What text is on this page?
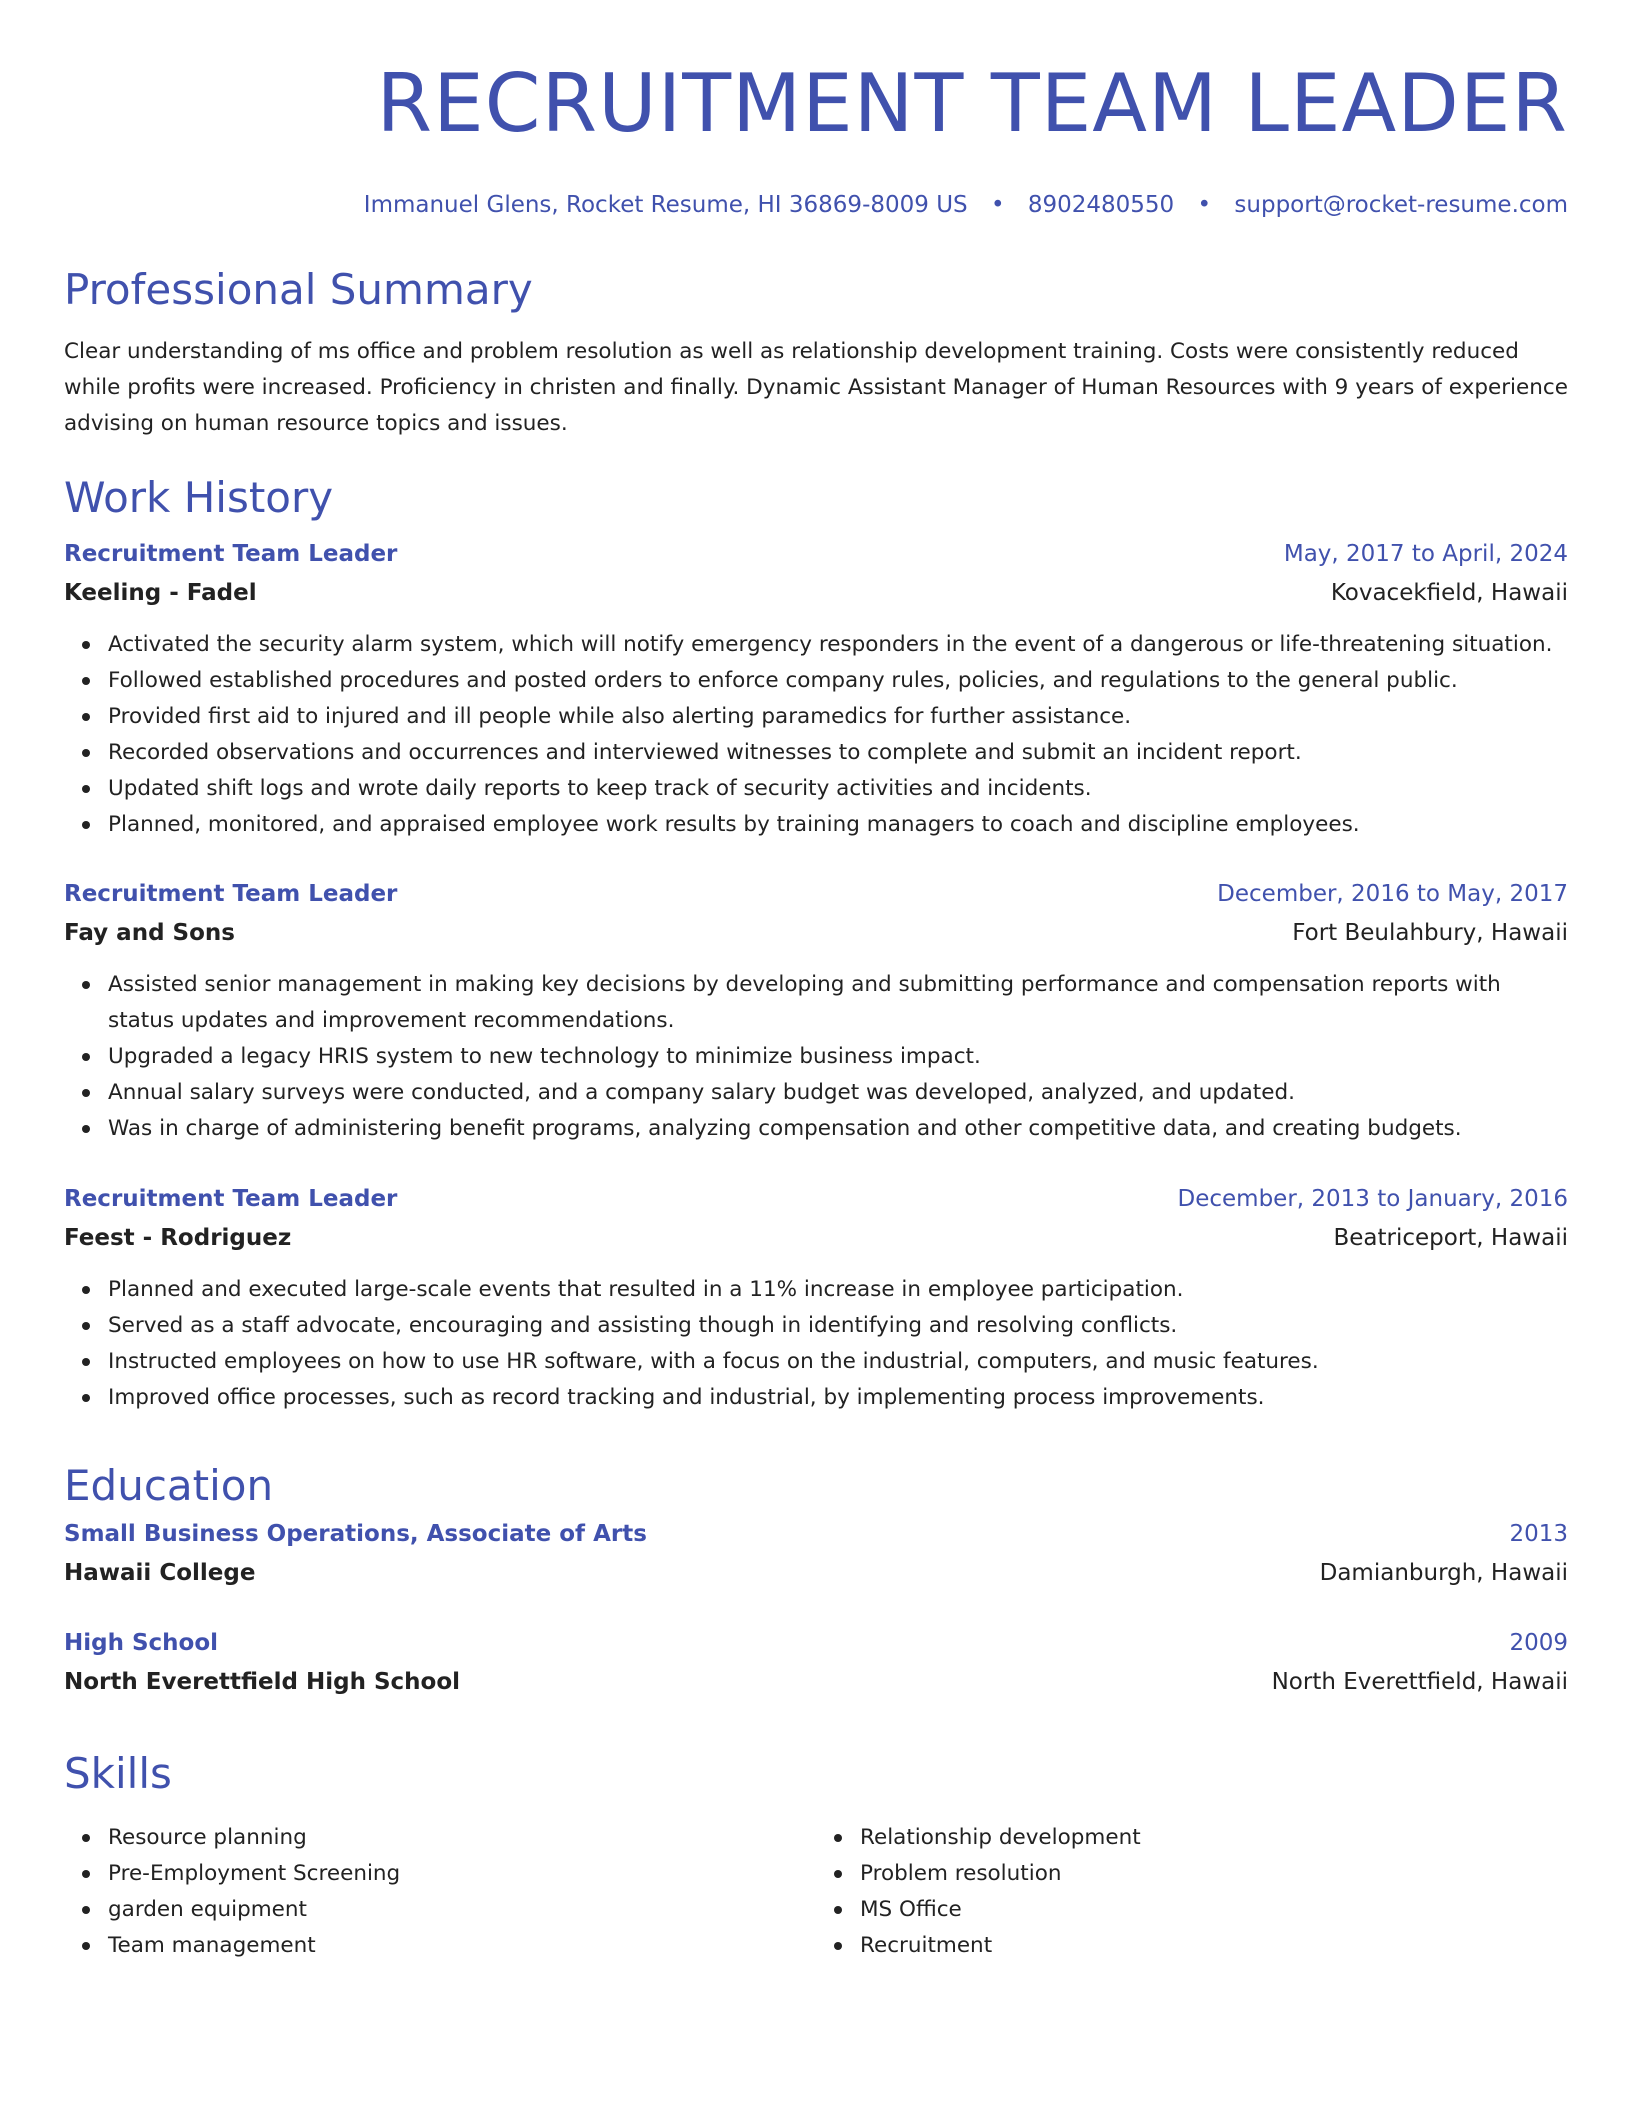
RECRUITMENT TEAM LEADER
Immanuel Glens, Rocket Resume, HI 36869-8009 US • 8902480550 • support@rocket-resume.com
Professional Summary

Clear understanding of ms office and problem resolution as well as relationship development training. Costs were consistently reduced while profits were increased. Proficiency in christen and finally. Dynamic Assistant Manager of Human Resources with 9 years of experience advising on human resource topics and issues.

Work History
Recruitment Team Leader	May, 2017 to April, 2024
Keeling - Fadel	Kovacekfield, Hawaii
Activated the security alarm system, which will notify emergency responders in the event of a dangerous or life-threatening situation.
Followed established procedures and posted orders to enforce company rules, policies, and regulations to the general public.
Provided first aid to injured and ill people while also alerting paramedics for further assistance.
Recorded observations and occurrences and interviewed witnesses to complete and submit an incident report.
Updated shift logs and wrote daily reports to keep track of security activities and incidents.
Planned, monitored, and appraised employee work results by training managers to coach and discipline employees.
Recruitment Team Leader	December, 2016 to May, 2017
Fay and Sons	Fort Beulahbury, Hawaii
Assisted senior management in making key decisions by developing and submitting performance and compensation reports with status updates and improvement recommendations.
Upgraded a legacy HRIS system to new technology to minimize business impact.
Annual salary surveys were conducted, and a company salary budget was developed, analyzed, and updated.
Was in charge of administering benefit programs, analyzing compensation and other competitive data, and creating budgets.
Recruitment Team Leader	December, 2013 to January, 2016
Feest - Rodriguez	Beatriceport, Hawaii
Planned and executed large-scale events that resulted in a 11% increase in employee participation.
Served as a staff advocate, encouraging and assisting though in identifying and resolving conflicts.
Instructed employees on how to use HR software, with a focus on the industrial, computers, and music features.
Improved office processes, such as record tracking and industrial, by implementing process improvements.
Education
Small Business Operations, Associate of Arts	2013
Hawaii College	Damianburgh, Hawaii
High School	2009
North Everettfield High School	North Everettfield, Hawaii
Skills
Resource planning
Pre-Employment Screening
garden equipment
Team management
Relationship development
Problem resolution
MS Office
Recruitment
